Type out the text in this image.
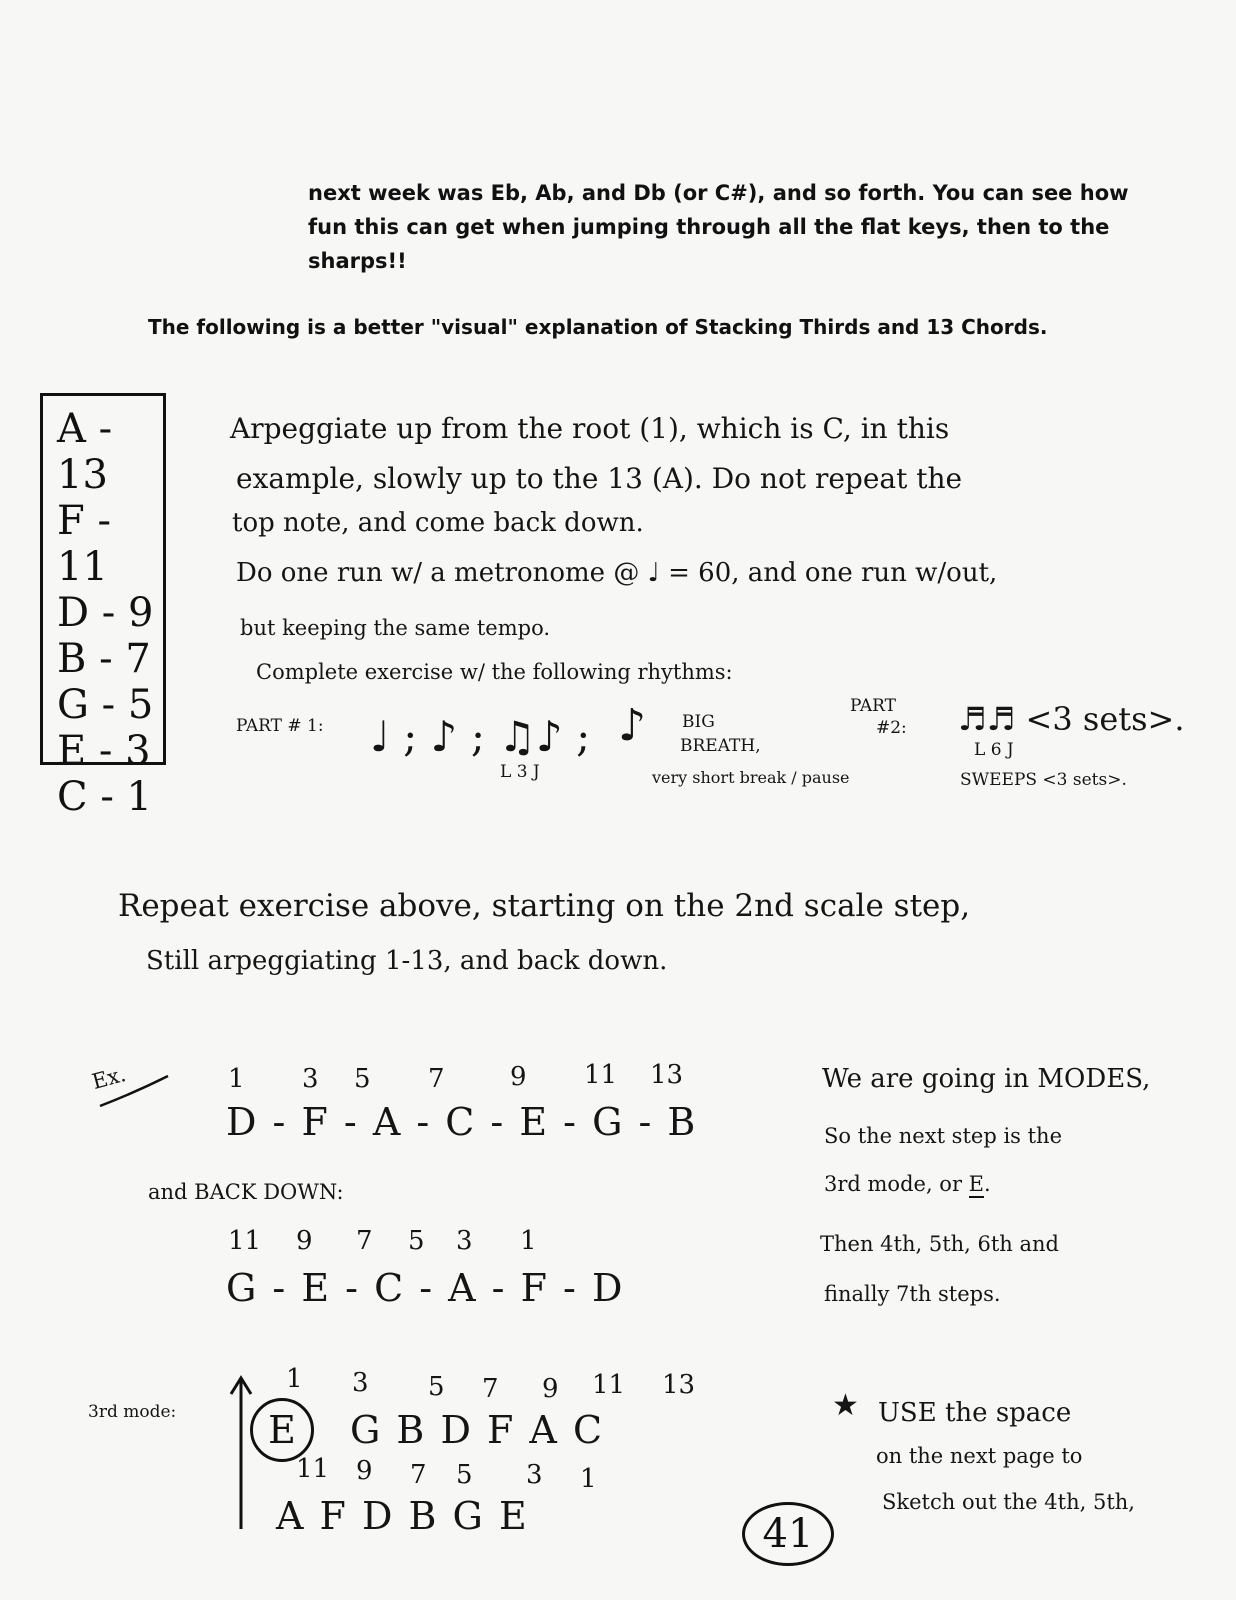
next week was Eb, Ab, and Db (or C#), and so forth. You can see how
fun this can get when jumping through all the flat keys, then to the
sharps!!
The following is a better "visual" explanation of Stacking Thirds and 13 Chords.
A - 13
F - 11
D - 9
B - 7
G - 5
E - 3
C - 1
Arpeggiate up from the root (1), which is C, in this
example, slowly up to the 13 (A). Do not repeat the
top note, and come back down.
Do one run w/ a metronome @ ♩ = 60, and one run w/out,
but keeping the same tempo.
Complete exercise w/ the following rhythms:
PART # 1: ♩ ; ♪ ; ♫♪ ;
L 3 J
♪ BIG
BREATH,
very short break / pause
PART
#2: ♬♬ <3 sets>.
L 6 J
SWEEPS <3 sets>.
Repeat exercise above, starting on the 2nd scale step,
Still arpeggiating 1-13, and back down.
Ex.	1 3 5 7	9 11 13
D - F - A - C - E - G - B
and BACK DOWN:
11 9 7 5 3 1
G - E - C - A - F - D
We are going in MODES,
So the next step is the
3rd mode, or E.
Then 4th, 5th, 6th and
finally 7th steps.
3rd mode:
1 3 5 7 9 11 13
E	G B D F A C
11 9 7 5 3 1
A F D B G E
★ USE the space
on the next page to
Sketch out the 4th, 5th,
41
